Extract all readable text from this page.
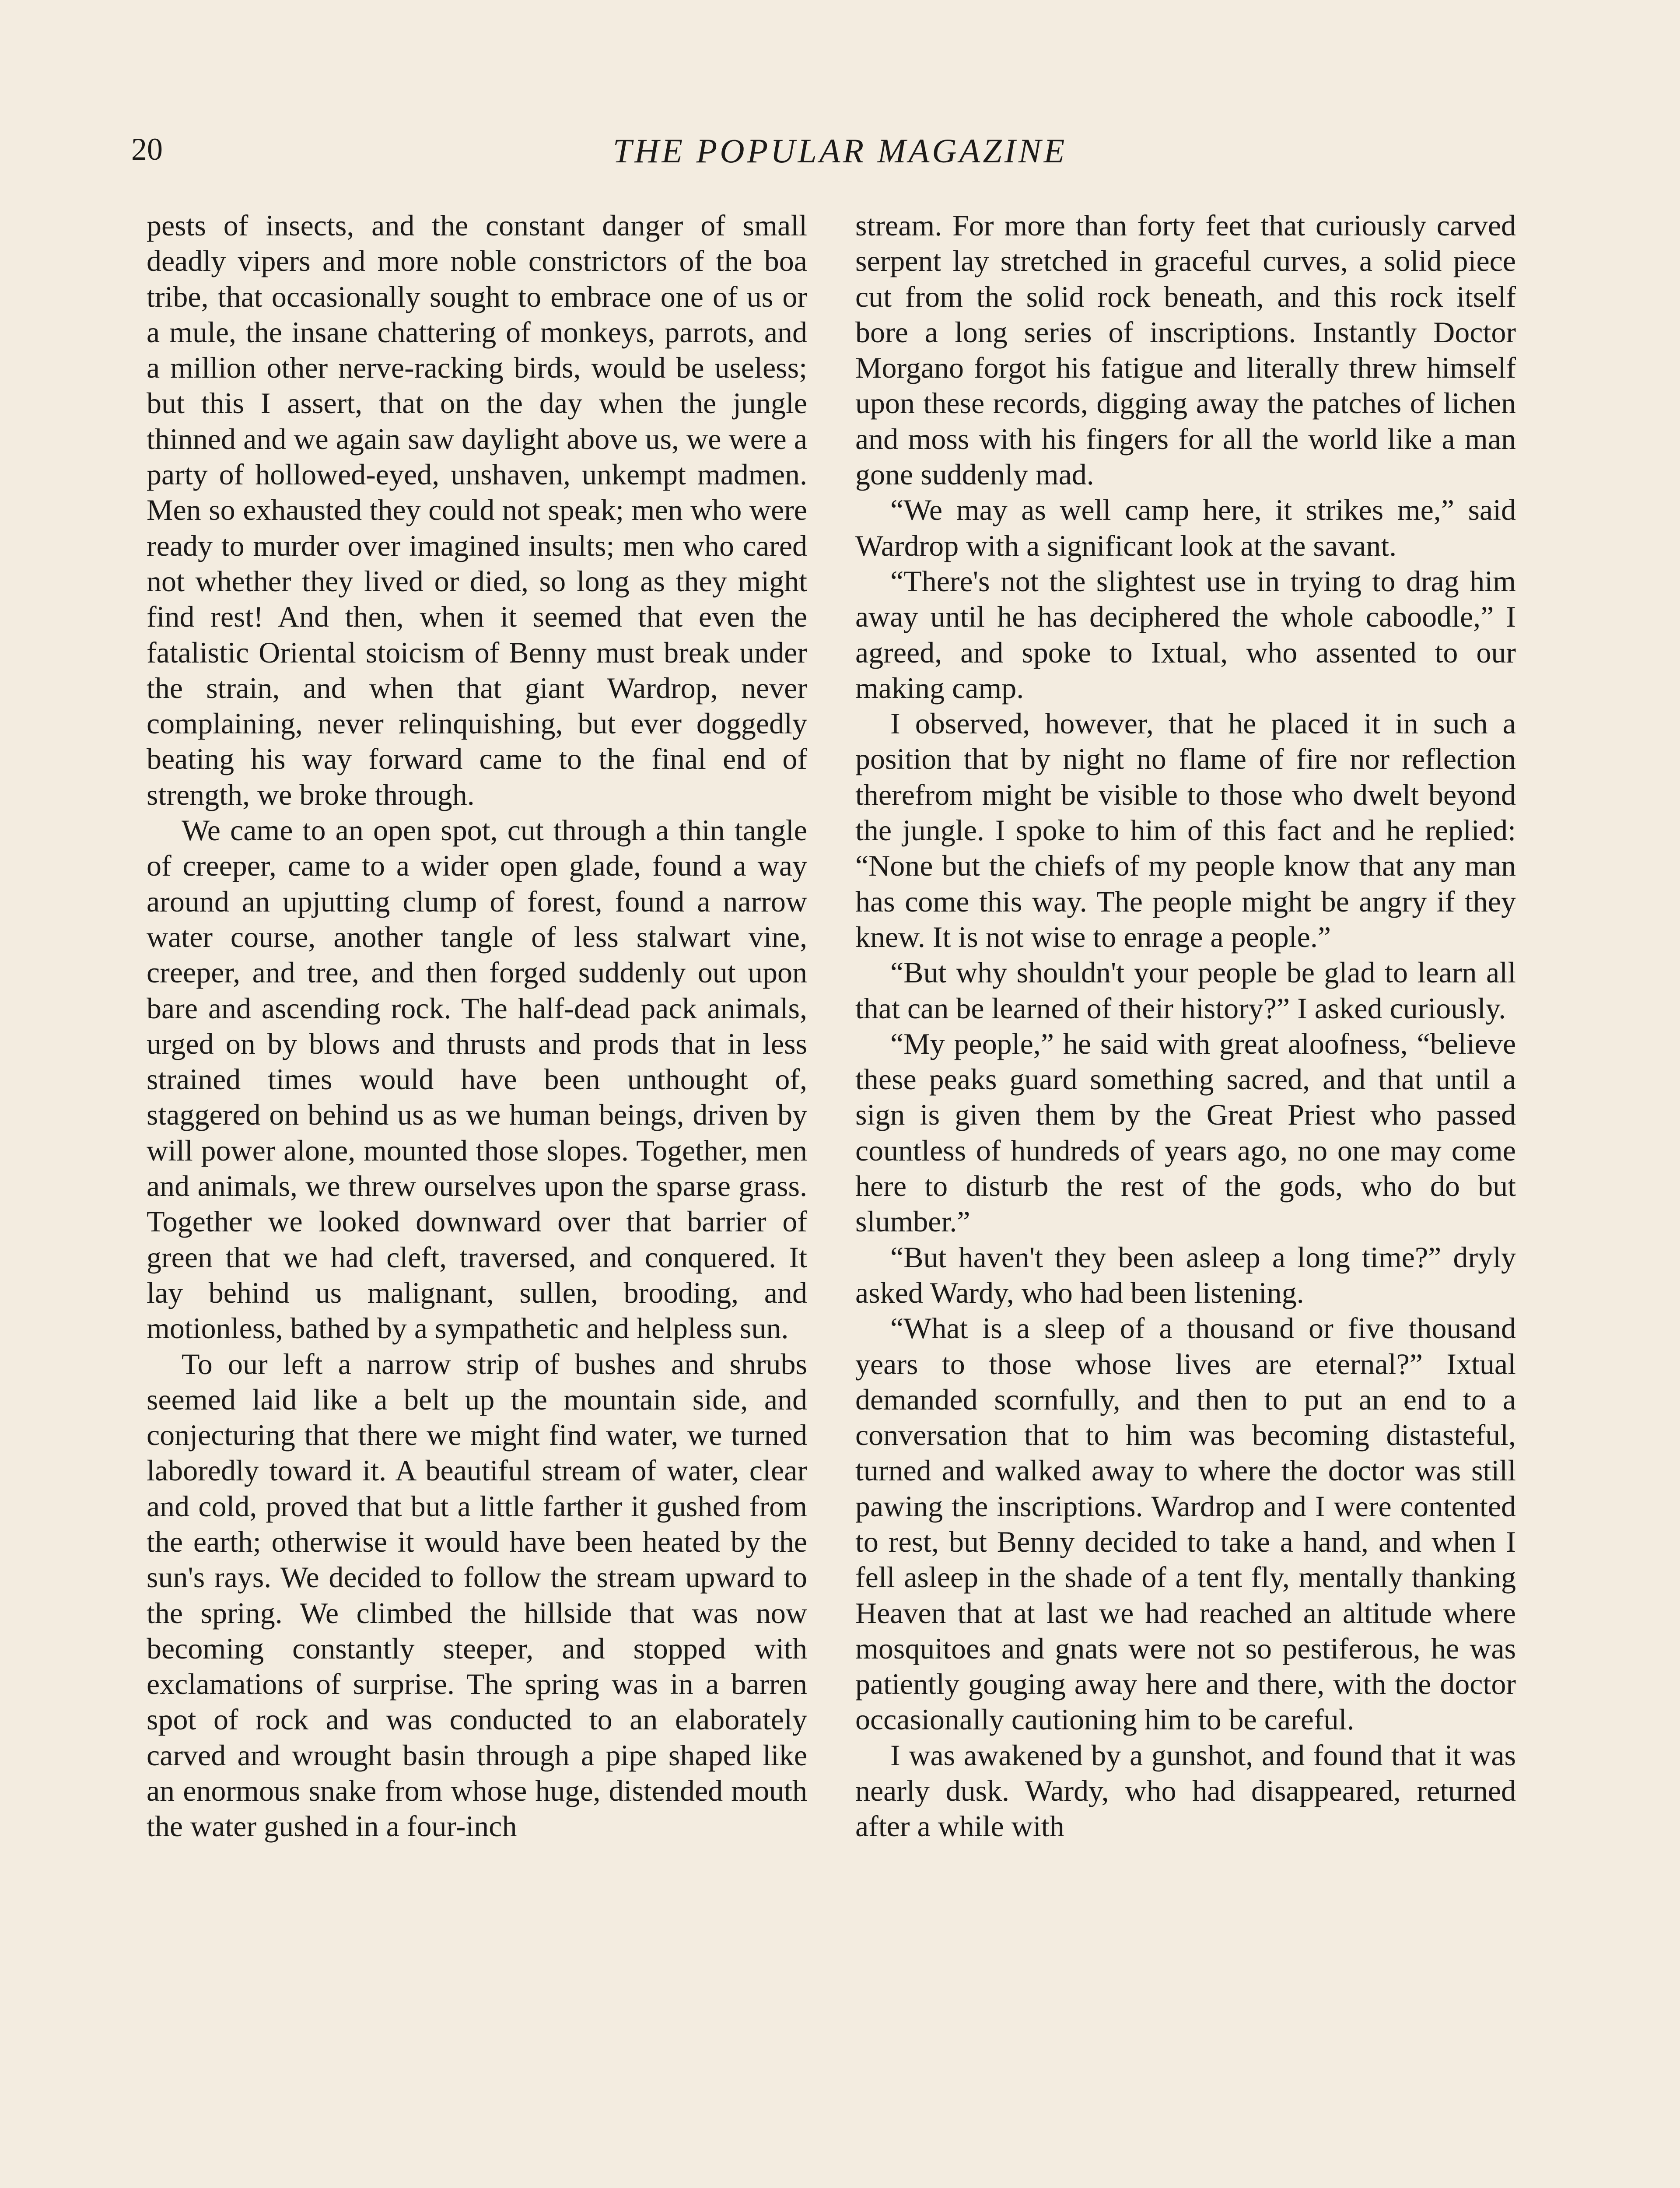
20	THE POPULAR MAGAZINE

pests of insects, and the constant danger of small deadly vipers and more noble constrictors of the boa tribe, that occasionally sought to embrace one of us or a mule, the insane chattering of monkeys, parrots, and a million other nerve-racking birds, would be useless; but this I assert, that on the day when the jungle thinned and we again saw daylight above us, we were a party of hollowed-eyed, unshaven, unkempt madmen. Men so exhausted they could not speak; men who were ready to murder over imagined insults; men who cared not whether they lived or died, so long as they might find rest! And then, when it seemed that even the fatalistic Oriental stoicism of Benny must break under the strain, and when that giant Wardrop, never complaining, never relinquishing, but ever doggedly beating his way forward came to the final end of strength, we broke through.

We came to an open spot, cut through a thin tangle of creeper, came to a wider open glade, found a way around an upjutting clump of forest, found a narrow water course, another tangle of less stalwart vine, creeper, and tree, and then forged suddenly out upon bare and ascending rock. The half-dead pack animals, urged on by blows and thrusts and prods that in less strained times would have been unthought of, staggered on behind us as we human beings, driven by will power alone, mounted those slopes. Together, men and animals, we threw ourselves upon the sparse grass. Together we looked downward over that barrier of green that we had cleft, traversed, and conquered. It lay behind us malignant, sullen, brooding, and motionless, bathed by a sympathetic and helpless sun.

To our left a narrow strip of bushes and shrubs seemed laid like a belt up the mountain side, and conjecturing that there we might find water, we turned laboredly toward it. A beautiful stream of water, clear and cold, proved that but a little farther it gushed from the earth; otherwise it would have been heated by the sun's rays. We decided to follow the stream upward to the spring. We climbed the hillside that was now becoming constantly steeper, and stopped with exclamations of surprise. The spring was in a barren spot of rock and was conducted to an elaborately carved and wrought basin through a pipe shaped like an enormous snake from whose huge, distended mouth the water gushed in a four-inch

stream. For more than forty feet that curiously carved serpent lay stretched in graceful curves, a solid piece cut from the solid rock beneath, and this rock itself bore a long series of inscriptions. Instantly Doctor Morgano forgot his fatigue and literally threw himself upon these records, digging away the patches of lichen and moss with his fingers for all the world like a man gone suddenly mad.

“We may as well camp here, it strikes me,” said Wardrop with a significant look at the savant.

“There's not the slightest use in trying to drag him away until he has deciphered the whole caboodle,” I agreed, and spoke to Ixtual, who assented to our making camp.

I observed, however, that he placed it in such a position that by night no flame of fire nor reflection therefrom might be visible to those who dwelt beyond the jungle. I spoke to him of this fact and he replied: “None but the chiefs of my people know that any man has come this way. The people might be angry if they knew. It is not wise to enrage a people.”

“But why shouldn't your people be glad to learn all that can be learned of their history?” I asked curiously.

“My people,” he said with great aloofness, “believe these peaks guard something sacred, and that until a sign is given them by the Great Priest who passed countless of hundreds of years ago, no one may come here to disturb the rest of the gods, who do but slumber.”

“But haven't they been asleep a long time?” dryly asked Wardy, who had been listening.

“What is a sleep of a thousand or five thousand years to those whose lives are eternal?” Ixtual demanded scornfully, and then to put an end to a conversation that to him was becoming distasteful, turned and walked away to where the doctor was still pawing the inscriptions. Wardrop and I were contented to rest, but Benny decided to take a hand, and when I fell asleep in the shade of a tent fly, mentally thanking Heaven that at last we had reached an altitude where mosquitoes and gnats were not so pestiferous, he was patiently gouging away here and there, with the doctor occasionally cautioning him to be careful.

I was awakened by a gunshot, and found that it was nearly dusk. Wardy, who had disappeared, returned after a while with
